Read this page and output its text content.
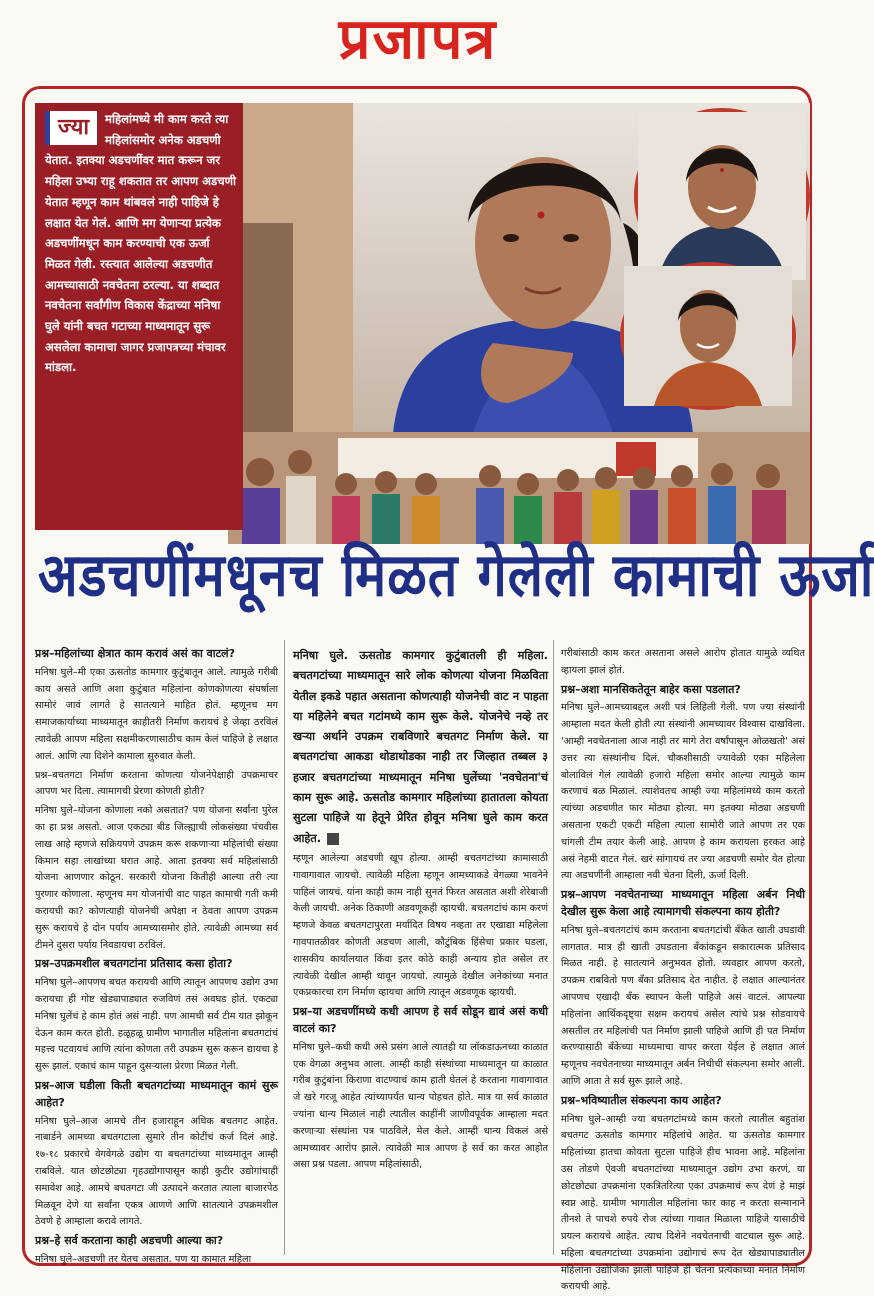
प्रजापत्र
ज्या	महिलांमध्ये मी काम करते त्या महिलांसमोर अनेक अडचणी येतात. इतक्या अडचणींवर मात करून जर महिला उभ्या राहू शकतात तर आपण अडचणी येतात म्हणून काम थांबवलं नाही पाहिजे हे लक्षात येत गेलं. आणि मग येणाऱ्या प्रत्येक अडचणींमधून काम करण्याची एक ऊर्जा मिळत गेली. रस्त्यात आलेल्या अडचणीत आमच्यासाठी नवचेतना ठरल्या. या शब्दात नवचेतना सर्वांगीण विकास केंद्राच्या मनिषा घुले यांनी बचत गटाच्या माध्यमातून सुरू असलेला कामाचा जागर प्रजापत्रच्या मंचावर मांडला.
अडचणींमधूनच मिळत गेलेली कामाची ऊर्जा

प्रश्न–महिलांच्या क्षेत्रात काम करावं असं का वाटलं?

मनिषा घुले–मी एका ऊसतोड कामगार कुटुंबातून आले. त्यामुळे गरीबी काय असते आणि अशा कुटुंबात महिलांना कोणकोणत्या संघर्षाला सामोरं जावं लागते हे सातत्याने माहित होतं. म्हणूनच मग समाजकार्याच्या माध्यमातून काहीतरी निर्माण करायचं हे जेव्हा ठरविलं त्यावेळी आपण महिला सक्षमीकरणासाठीच काम केलं पाहिजे हे लक्षात आलं. आणि त्या दिशेने कामाला सुरुवात केली.

प्रश्न–बचतगटा निर्माण करताना कोणत्या योजनेपेक्षाही उपक्रमाचर आपण भर दिला. त्यामागची प्रेरणा कोणती होती?

मनिषा घुले–योजना कोणाला नको असतात? पण योजना सर्वांना पुरेल का हा प्रश्न असतो. आज एकट्या बीड जिल्ह्याची लोकसंख्या पंचवीस लाख आहे म्हणजे सक्रियपणे उपक्रम करू शकणाऱ्या महिलांची संख्या किमान सहा लाखांच्या घरात आहे. आता इतक्या सर्व महिलांसाठी योजना आणणार कोठून. सरकारी योजना कितीही आल्या तरी त्या पुरणार कोणाला. म्हणूनच मग योजनांची वाट पाहत कामाची गती कमी करायची का? कोणत्याही योजनेची अपेक्षा न ठेवता आपण उपक्रम सुरू करायचे हे दोन पर्याय आमच्यासमोर होते. त्यावेळी आमच्या सर्व टीमने दुसरा पर्याय निवडायचा ठरविलं.

प्रश्न–उपक्रमशील बचतगटांना प्रतिसाद कसा होता?

मनिषा घुले–आपणच बचत करायची आणि त्यातून आपणच उद्योग उभा करायचा ही गोष्ट खेड्यापाड्यात रुजविणं तसं अवघड होतं. एकट्या मनिषा घुलेंचं हे काम होतं असं नाही. पण आमची सर्व टीम यात झोकून देऊन काम करत होती. हळूहळू ग्रामीण भागातील महिलांना बचतगटांचं महत्त्व पटवायचं आणि त्यांना कोणता तरी उपक्रम सुरू करून द्यायचा हे सुरू झालं. एकाचं काम पाहून दुसऱ्याला प्रेरणा मिळत गेली.

प्रश्न–आज घडीला किती बचतगटांच्या माध्यमातून कामं सुरू आहेत?

मनिषा घुले–आज आमचे तीन हजाराहून अधिक बचतगट आहेत. नाबार्डने आमच्या बचतगटाला सुमारे तीन कोटींचं कर्ज दिलं आहे. १७-१८ प्रकारचे वेगवेगळे उद्योग या बचतगटांच्या माध्यमातून आम्ही राबविले. यात छोटछोट्या गृहउद्योगापासून काही कुटीर उद्योगांचाही समावेश आहे. आमचे बचतगटा जी उत्पादने करतात त्याला बाजारपेठ मिळवून देणे या सर्वांना एकत्र आणणे आणि सातत्याने उपक्रमशील ठेवणे हे आम्हाला करावे लागते.

प्रश्न–हे सर्व करताना काही अडचणी आल्या का?

मनिषा घुले–अडचणी तर येतच असतात. पण या कामात महिला

मनिषा घुले. ऊसतोड कामगार कुटुंबातली ही महिला. बचतगटांच्या माध्यमातून सारे लोक कोणत्या योजना मिळविता येतील इकडे पहात असताना कोणत्याही योजनेची वाट न पाहता या महिलेने बचत गटांमध्ये काम सुरू केले. योजनेचे नव्हे तर खऱ्या अर्थाने उपक्रम राबविणारे बचतगट निर्माण केले. या बचतगटांचा आकडा थोडाथोडका नाही तर जिल्हात तब्बल ३ हजार बचतगटांच्या माध्यमातून मनिषा घुलेंच्या 'नवचेतना'चं काम सुरू आहे. ऊसतोड कामगार महिलांच्या हातातला कोयता सुटला पाहिजे या हेतूने प्रेरित होवून मनिषा घुले काम करत आहेत.

म्हणून आलेल्या अडचणी खूप होत्या. आम्ही बचतगटांच्या कामासाठी गावागावात जायचो. त्यावेळी महिला म्हणून आमच्याकडे वेगळ्या भावनेने पाहिलं जायचं. यांना काही काम नाही सुनतं फिरत असतात अशी शेरेबाजी केली जायची. अनेक ठिकाणी अडवणूकही व्हायची. बचतगटांचं काम करणं म्हणजे केवळ बचतगटापुरता मर्यादित विषय नव्हता तर एखाद्या महिलेला गावपातळीवर कोणती अडचण आली, कौटुंबिक हिंसेचा प्रकार घडला, शासकीय कार्यालयात किंवा इतर कोठे काही अन्याय होत असेल तर त्यावेळी देखील आम्ही धावून जायचो. त्यामुळे देखील अनेकांच्या मनात एकप्रकारचा राग निर्माण व्हायचा आणि त्यातून अडवणूक व्हायची.

प्रश्न–या अडचणींमध्ये कधी आपण हे सर्व सोडून द्यावं असं कधी वाटलं का?

मनिषा घुले–कधी कधी असे प्रसंग आले त्यातही या लॉकडाऊनच्या काळात एक वेगळा अनुभव आला. आम्ही काही संस्थांच्या माध्यमातून या काळात गरीब कुटुंबांना किराणा वाटण्याचं काम हाती घेतलं हे करताना गावागावात जे खरे गरजू आहेत त्यांच्यापर्यंत धान्य पोहचत होते. मात्र या सर्व काळात ज्यांना धान्य मिळालं नाही त्यातील काहींनी जाणीवपूर्वक आम्हाला मदत करणाऱ्या संस्थांना पत्र पाठविले, मेल केले. आम्ही धान्य विकलं असे आमच्यावर आरोप झाले. त्यावेळी मात्र आपण हे सर्व का करत आहोत असा प्रश्न पडला. आपण महिलांसाठी,

गरीबांसाठी काम करत असताना असले आरोप होतात यामुळे व्यथित व्हायला झालं होतं.

प्रश्न–अशा मानसिकतेतून बाहेर कसा पडलात?

मनिषा घुले–आमच्याबद्दल अशी पत्रं लिहिली गेली. पण ज्या संस्थांनी आम्हाला मदत केली होती त्या संस्थांनी आमच्यावर विश्वास दाखविला. 'आम्ही नवचेतनाला आज नाही तर मागे तेरा वर्षांपासून ओळखतो' असं उत्तर त्या संस्थांनीच दिलं. चौकशीसाठी ज्यावेळी एका महिलेला बोलाविलं गेलं त्यावेळी हजारो महिला समोर आल्या त्यामुळे काम करणाचं बळ मिळालं. त्याशेवतच आम्ही ज्या महिलांमध्ये काम करतो त्यांच्या अडचणीत फार मोठ्या होत्या. मग इतक्या मोठ्या अडचणी असताना एकटी एकटी महिला त्याला सामोरी जाते आपण तर एक चांगली टीम तयार केली आहे. आपण हे काम करायला हरकत आहे असं नेहमी वाटत गेलं. खरं सांगायचं तर ज्या अडचणी समोर येत होत्या त्या अडचणींनी आम्हाला नवी चेतना दिली, ऊर्जा दिली.

प्रश्न–आपण नवचेतनाच्या माध्यमातून महिला अर्बन निधी देखील सुरू केला आहे त्यामागची संकल्पना काय होती?

मनिषा घुले–बचतगटांचं काम करताना बचतगटांची बँकेत खाती उघडावी लागतात. मात्र ही खाती उघडताना बँकांकडून सकारात्मक प्रतिसाद मिळत नाही. हे सातत्याने अनुभवत होतो. व्यवहार आपण करतो, उपक्रम राबवितो पण बँका प्रतिसाद देत नाहीत. हे लक्षात आल्यानंतर आपणच एखादी बँक स्थापन केली पाहिजे असं वाटलं. आपल्या महिलांना आर्थिकदृष्ट्या सक्षम करायचं असेल त्यांचे प्रश्न सोडवायचे असतील तर महिलांची पत निर्माण झाली पाहिजे आणि ही पत निर्माण करण्यासाठी बँकेच्या माध्यमाचा वापर करता येईल हे लक्षात आलं म्हणूनच नवचेतनाच्या माध्यमातून अर्बन निधीची संकल्पना समोर आली. आणि आता ते सर्व सुरू झाले आहे.

प्रश्न–भविष्यातील संकल्पना काय आहेत?

मनिषा घुले–आम्ही ज्या बचतगटांमध्ये काम करतो त्यातील बहुतांश बचतगट ऊसतोड कामगार महिलांचे आहेत. या ऊसतोड कामगार महिलांच्या हातचा कोयता सुटला पाहिजे हीच भावना आहे. महिलांना उस तोडणे ऐवजी बचतगटांच्या माध्यमातून उद्योग उभा करणं, या छोटछोट्या उपक्रमांना एकत्रितरित्या एका उपक्रमाचं रूप देणं हे माझं स्वप्न आहे. ग्रामीण भागातील महिलांना फार काह न करता सन्मानाने तीनशे ते पाचशे रुपये रोज त्यांच्या गावात मिळाला पाहिजे यासाठीचे प्रयत्न करायचे आहेत. त्याच दिशेने नवचेतनाची वाटचाल सुरू आहे. महिला बचतगटांच्या उपक्रमांना उद्योगाचं रूप देत खेड्यापाड्यातील महिलांना उद्योजिका झाली पाहिजे ही चेतना प्रत्येकाच्या मनात निर्माण करायची आहे.
